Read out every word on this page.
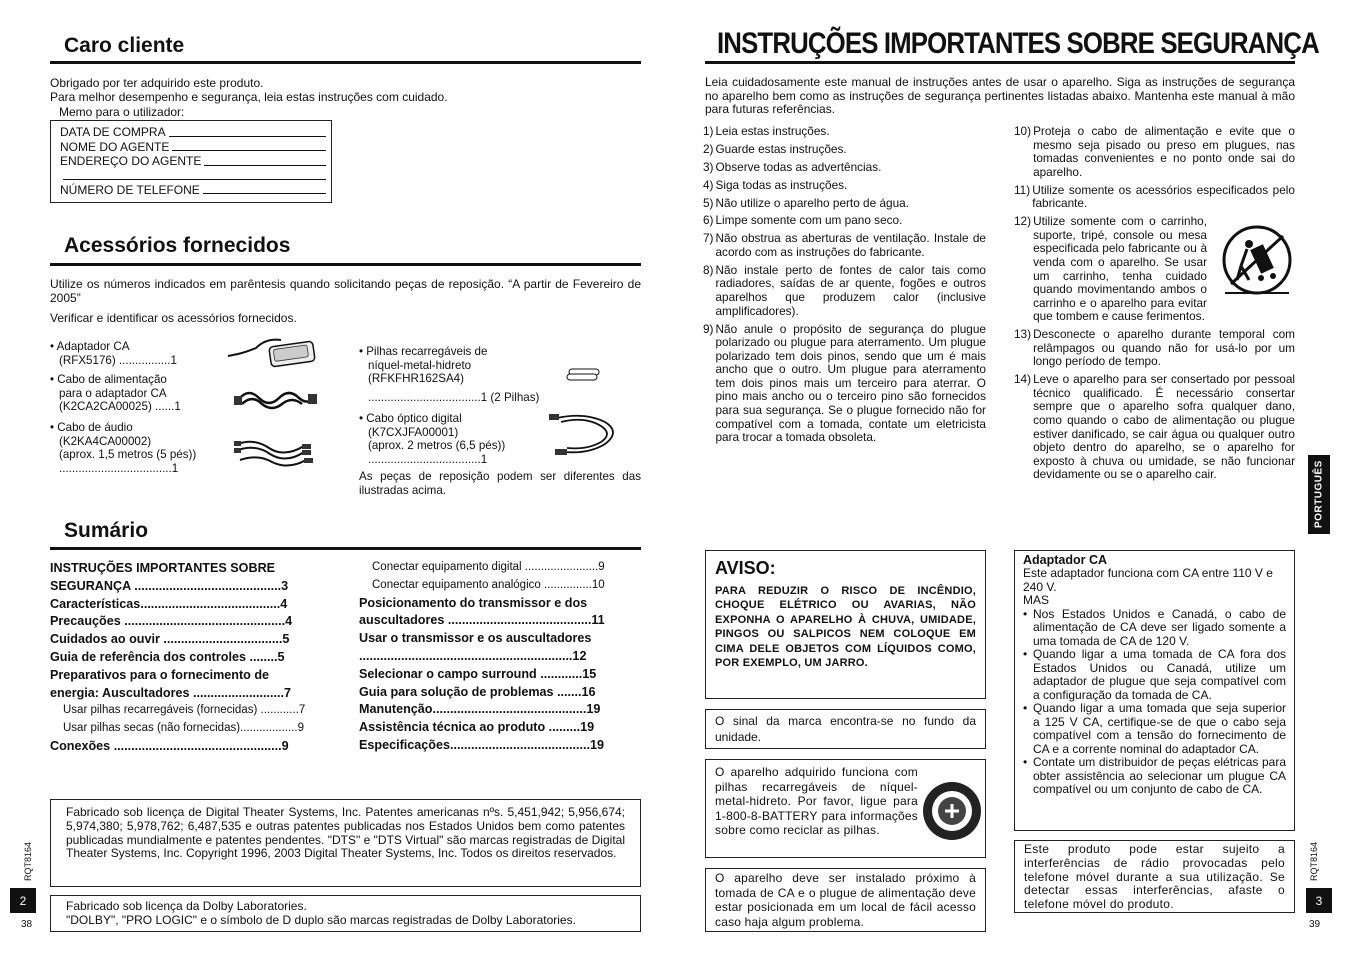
Caro cliente
Obrigado por ter adquirido este produto.
Para melhor desempenho e segurança, leia estas instruções com cuidado.
Memo para o utilizador:
DATA DE COMPRA
NOME DO AGENTE
ENDEREÇO DO AGENTE
NÚMERO DE TELEFONE
Acessórios fornecidos
Utilize os números indicados em parêntesis quando solicitando peças de reposição. “A partir de Fevereiro de 2005”
Verificar e identificar os acessórios fornecidos.
• Adaptador CA
(RFX5176) ................1
• Cabo de alimentação
para o adaptador CA
(K2CA2CA00025) ......1
• Cabo de áudio
(K2KA4CA00002)
(aprox. 1,5 metros (5 pés))
...................................1
• Pilhas recarregáveis de
níquel-metal-hidreto
(RFKFHR162SA4)
...................................1 (2 Pilhas)
• Cabo óptico digital
(K7CXJFA00001)
(aprox. 2 metros (6,5 pés))
...................................1
As peças de reposição podem ser diferentes das ilustradas acima.
Sumário
INSTRUÇÕES IMPORTANTES SOBRE
SEGURANÇA ..........................................3
Características........................................4
Precauções ..............................................4
Cuidados ao ouvir ..................................5
Guia de referência dos controles ........5
Preparativos para o fornecimento de
energia: Auscultadores ..........................7
Usar pilhas recarregáveis (fornecidas) ............7
Usar pilhas secas (não fornecidas)..................9
Conexões ................................................9
Conectar equipamento digital .......................9
Conectar equipamento analógico ...............10
Posicionamento do transmissor e dos
auscultadores .........................................11
Usar o transmissor e os auscultadores
.............................................................12
Selecionar o campo surround ............15
Guia para solução de problemas .......16
Manutenção............................................19
Assistência técnica ao produto .........19
Especificações........................................19
Fabricado sob licença de Digital Theater Systems, Inc. Patentes americanas nºs. 5,451,942; 5,956,674; 5,974,380; 5,978,762; 6,487,535 e outras patentes publicadas nos Estados Unidos bem como patentes publicadas mundialmente e patentes pendentes. "DTS" e "DTS Virtual" são marcas registradas de Digital Theater Systems, Inc. Copyright 1996, 2003 Digital Theater Systems, Inc. Todos os direitos reservados.
Fabricado sob licença da Dolby Laboratories.
"DOLBY", "PRO LOGIC" e o símbolo de D duplo são marcas registradas de Dolby Laboratories.
RQT8164
2
38
INSTRUÇÕES IMPORTANTES SOBRE SEGURANÇA
Leia cuidadosamente este manual de instruções antes de usar o aparelho. Siga as instruções de segurança no aparelho bem como as instruções de segurança pertinentes listadas abaixo. Mantenha este manual à mão para futuras referências.
1) Leia estas instruções.
2) Guarde estas instruções.
3) Observe todas as advertências.
4) Siga todas as instruções.
5) Não utilize o aparelho perto de água.
6) Limpe somente com um pano seco.
7) Não obstrua as aberturas de ventilação. Instale de acordo com as instruções do fabricante.
8) Não instale perto de fontes de calor tais como radiadores, saídas de ar quente, fogões e outros aparelhos que produzem calor (inclusive amplificadores).
9) Não anule o propósito de segurança do plugue polarizado ou plugue para aterramento. Um plugue polarizado tem dois pinos, sendo que um é mais ancho que o outro. Um plugue para aterramento tem dois pinos mais um terceiro para aterrar. O pino mais ancho ou o terceiro pino são fornecidos para sua segurança. Se o plugue fornecido não for compatível com a tomada, contate um eletricista para trocar a tomada obsoleta.
10) Proteja o cabo de alimentação e evite que o mesmo seja pisado ou preso em plugues, nas tomadas convenientes e no ponto onde sai do aparelho.
11) Utilize somente os acessórios especificados pelo fabricante.
12) Utilize somente com o carrinho, suporte, tripé, console ou mesa especificada pelo fabricante ou à venda com o aparelho. Se usar um carrinho, tenha cuidado quando movimentando ambos o carrinho e o aparelho para evitar que tombem e cause ferimentos.
13) Desconecte o aparelho durante temporal com relâmpagos ou quando não for usá-lo por um longo período de tempo.
14) Leve o aparelho para ser consertado por pessoal técnico qualificado. É necessário consertar sempre que o aparelho sofra qualquer dano, como quando o cabo de alimentação ou plugue estiver danificado, se cair água ou qualquer outro objeto dentro do aparelho, se o aparelho for exposto à chuva ou umidade, se não funcionar devidamente ou se o aparelho cair.
AVISO:
PARA REDUZIR O RISCO DE INCÊNDIO, CHOQUE ELÉTRICO OU AVARIAS, NÃO EXPONHA O APARELHO À CHUVA, UMIDADE, PINGOS OU SALPICOS NEM COLOQUE EM CIMA DELE OBJETOS COM LÍQUIDOS COMO, POR EXEMPLO, UM JARRO.
O sinal da marca encontra-se no fundo da unidade.
O aparelho adquirido funciona com pilhas recarregáveis de níquel-metal-hidreto. Por favor, ligue para 1-800-8-BATTERY para informações sobre como reciclar as pilhas.
O aparelho deve ser instalado próximo à tomada de CA e o plugue de alimentação deve estar posicionada em um local de fácil acesso caso haja algum problema.
Adaptador CA
Este adaptador funciona com CA entre 110 V e 240 V.
MAS
• Nos Estados Unidos e Canadá, o cabo de alimentação de CA deve ser ligado somente a uma tomada de CA de 120 V.
• Quando ligar a uma tomada de CA fora dos Estados Unidos ou Canadá, utilize um adaptador de plugue que seja compatível com a configuração da tomada de CA.
• Quando ligar a uma tomada que seja superior a 125 V CA, certifique-se de que o cabo seja compatível com a tensão do fornecimento de CA e a corrente nominal do adaptador CA.
• Contate um distribuidor de peças elétricas para obter assistência ao selecionar um plugue CA compatível ou um conjunto de cabo de CA.
Este produto pode estar sujeito a interferências de rádio provocadas pelo telefone móvel durante a sua utilização. Se detectar essas interferências, afaste o telefone móvel do produto.
PORTUGUÊS
RQT8164
3
39
